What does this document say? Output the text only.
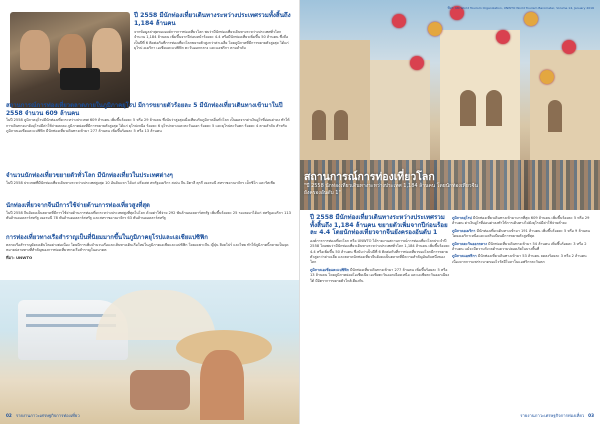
ปี 2558 มีนักท่องเที่ยวเดินทางระหว่างประเทศรวมทั้งสิ้นถึง 1,184 ล้านคน
จากข้อมูลล่าสุดขององค์การการท่องเที่ยวโลก พบว่ามีนักท่องเที่ยวเดินทางระหว่างประเทศทั่วโลกจำนวน 1,184 ล้านคน เพิ่มขึ้นจากปีก่อนหน้าร้อยละ 4.4 หรือมีนักท่องเที่ยวเพิ่มขึ้น 50 ล้านคน ซึ่งถือเป็นปีที่ 6 ติดต่อกันที่การท่องเที่ยวโลกขยายตัวสูงกว่าค่าเฉลี่ย โดยภูมิภาคที่มีการขยายตัวสูงสุด ได้แก่ ยุโรป อเมริกา เอเชียและแปซิฟิก ตะวันออกกลาง และแอฟริกา ตามลำดับ
สถานการณ์การท่องเที่ยวตลาดภายในภูมิภาคยุโรป มีการขยายตัวร้อยละ 5 มีนักท่องเที่ยวเดินทางเข้ามาในปี 2558 จำนวน 609 ล้านคน
ในปี 2558 ภูมิภาคยุโรปมีนักท่องเที่ยวระหว่างประเทศ 609 ล้านคน เพิ่มขึ้นร้อยละ 5 หรือ 29 ล้านคน ซึ่งนับว่าสูงสุดเมื่อเทียบกับภูมิภาคอื่นทั่วโลก เป็นผลจากค่าเงินยูโรที่อ่อนค่าลง ทำให้การเดินทางมายังยุโรปมีค่าใช้จ่ายลดลง ภูมิภาคย่อยที่มีการขยายตัวสูงสุด ได้แก่ ยุโรปเหนือ ร้อยละ 6 ยุโรปกลางและตะวันออก ร้อยละ 5 และยุโรปตะวันตก ร้อยละ 4 ตามลำดับ สำหรับภูมิภาคเอเชียและแปซิฟิก มีนักท่องเที่ยวเดินทางเข้ามา 277 ล้านคน เพิ่มขึ้นร้อยละ 5 หรือ 13 ล้านคน
จำนวนนักท่องเที่ยวขยายตัวทั่วโลก มีนักท่องเที่ยวในประเทศต่างๆ
ในปี 2558 ประเทศที่มีนักท่องเที่ยวเดินทางระหว่างประเทศสูงสุด 10 อันดับแรก ได้แก่ ฝรั่งเศส สหรัฐอเมริกา สเปน จีน อิตาลี ตุรกี เยอรมนี สหราชอาณาจักร เม็กซิโก และรัสเซีย
นักท่องเที่ยวจากจีนมีการใช้จ่ายด้านการท่องเที่ยวสูงที่สุด
ในปี 2558 จีนยังคงเป็นตลาดที่มีการใช้จ่ายด้านการท่องเที่ยวระหว่างประเทศสูงที่สุดในโลก ด้วยค่าใช้จ่าย 292 พันล้านดอลลาร์สหรัฐ เพิ่มขึ้นร้อยละ 25 รองลงมาได้แก่ สหรัฐอเมริกา 113 พันล้านดอลลาร์สหรัฐ เยอรมนี 78 พันล้านดอลลาร์สหรัฐ และสหราชอาณาจักร 63 พันล้านดอลลาร์สหรัฐ
การท่องเที่ยวทางเรือสำราญเป็นที่นิยมมากขึ้นในภูมิภาคยุโรปและเอเชียแปซิฟิก
ตลาดเรือสำราญยังคงเติบโตอย่างต่อเนื่อง โดยมีการเพิ่มจำนวนเรือและเส้นทางเดินเรือใหม่ในภูมิภาคเอเชียและแปซิฟิก โดยเฉพาะจีน ญี่ปุ่น สิงคโปร์ และไทย ทำให้ภูมิภาคนี้กลายเป็นจุดหมายปลายทางที่สำคัญของการท่องเที่ยวทางเรือสำราญในอนาคต
ที่มา: UNWTO
02 รายงานภาวะเศรษฐกิจการท่องเที่ยว
สถานการณ์การท่องเที่ยวโลก
"ปี 2558 นักท่องเที่ยวเดินทางระหว่างประเทศ 1,184 ล้านคน โดยนักท่องเที่ยวจีนยังครองอันดับ 1"
ปี 2558 มีนักท่องเที่ยวเดินทางระหว่างประเทศรวมทั้งสิ้นถึง 1,184 ล้านคน ขยายตัวเพิ่มจากปีก่อนร้อยละ 4.4 โดยนักท่องเที่ยวจากจีนยังครองอันดับ 1
องค์การการท่องเที่ยวโลก หรือ UNWTO ได้รายงานสถานการณ์การท่องเที่ยวโลกประจำปี 2558 โดยพบว่ามีนักท่องเที่ยวเดินทางระหว่างประเทศทั่วโลก 1,184 ล้านคน เพิ่มขึ้นร้อยละ 4.4 หรือเพิ่มขึ้น 50 ล้านคน ซึ่งนับว่าเป็นปีที่ 6 ติดต่อกันที่การท่องเที่ยวของโลกมีการขยายตัวสูงกว่าค่าเฉลี่ย และตลาดนักท่องเที่ยวจีนยังคงเป็นตลาดที่มีความสำคัญอันดับหนึ่งของโลก
ภูมิภาคเอเชียและแปซิฟิก มีนักท่องเที่ยวเดินทางเข้ามา 277 ล้านคน เพิ่มขึ้นร้อยละ 5 หรือ 13 ล้านคน โดยภูมิภาคย่อยโอเชียเนีย เอเชียตะวันออกเฉียงเหนือ และเอเชียตะวันออกเฉียงใต้ มีอัตราการขยายตัวใกล้เคียงกัน
ภูมิภาคยุโรป มีนักท่องเที่ยวเดินทางเข้ามามากที่สุด 609 ล้านคน เพิ่มขึ้นร้อยละ 5 หรือ 29 ล้านคน ค่าเงินยูโรที่อ่อนค่าลงทำให้การเดินทางไปยังยุโรปมีค่าใช้จ่ายต่ำลง
ภูมิภาคอเมริกา มีนักท่องเที่ยวเดินทางเข้ามา 191 ล้านคน เพิ่มขึ้นร้อยละ 5 หรือ 9 ล้านคน โดยอเมริกาเหนือและแคริบเบียนมีการขยายตัวสูงที่สุด
ภูมิภาคตะวันออกกลาง มีนักท่องเที่ยวเดินทางเข้ามา 54 ล้านคน เพิ่มขึ้นร้อยละ 3 หรือ 2 ล้านคน แม้จะมีความกังวลด้านความปลอดภัยในบางพื้นที่
ภูมิภาคแอฟริกา มีนักท่องเที่ยวเดินทางเข้ามา 53 ล้านคน ลดลงร้อยละ 3 หรือ 2 ล้านคน เนื่องจากการแพร่ระบาดของไวรัสอีโบลาในแอฟริกาตะวันตก
รายงานภาวะเศรษฐกิจการท่องเที่ยว 03
ที่มา: UN World Tourism Organization, UNWTO World Tourism Barometer, Volume 14, January 2016
